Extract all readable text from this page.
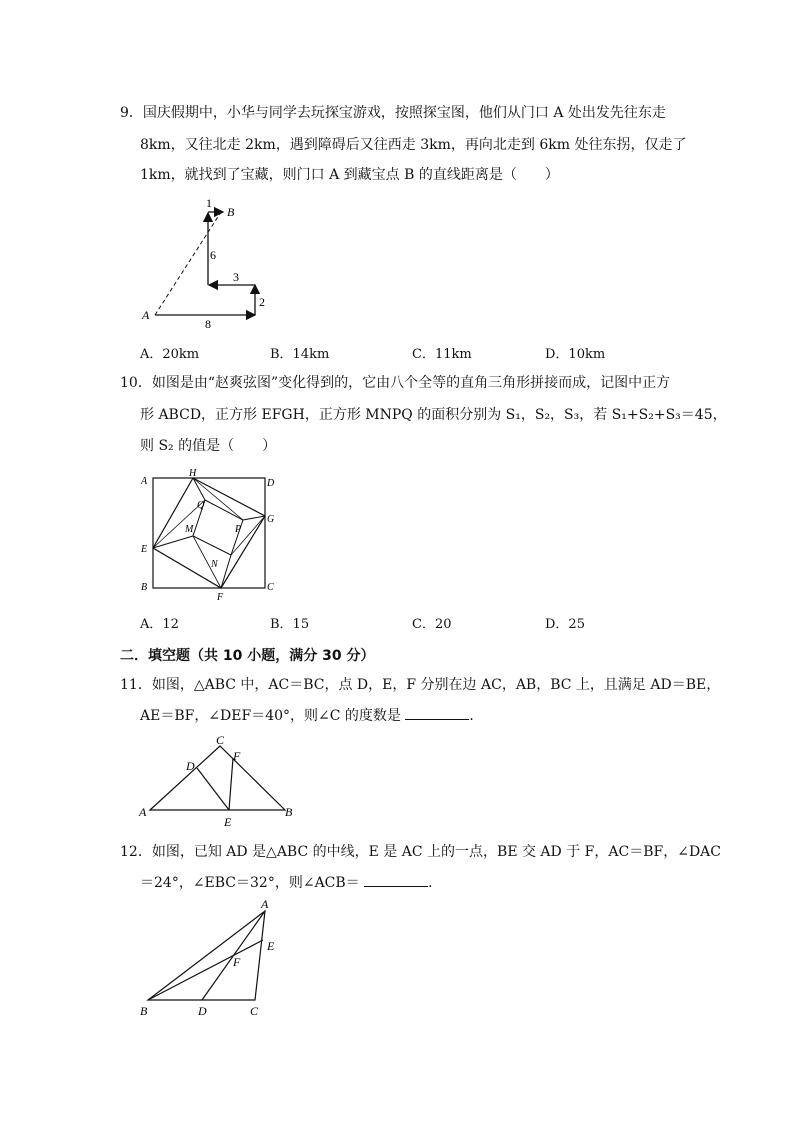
9．国庆假期中，小华与同学去玩探宝游戏，按照探宝图，他们从门口 A 处出发先往东走
8km，又往北走 2km，遇到障碍后又往西走 3km，再向北走到 6km 处往东拐，仅走了
1km，就找到了宝藏，则门口 A 到藏宝点 B 的直线距离是（　　）
A
B
8
2
3
6
1
A．20km	B．14km	C．11km	D．10km
10．如图是由“赵爽弦图”变化得到的，它由八个全等的直角三角形拼接而成，记图中正方
形 ABCD，正方形 EFGH，正方形 MNPQ 的面积分别为 S₁，S₂，S₃，若 S₁+S₂+S₃＝45，
则 S₂ 的值是（　　）
A	D
B	C
H
G
F
E
Q
P
M
N
A．12	B．15	C．20	D．25
二．填空题（共 10 小题，满分 30 分）
11．如图，△ABC 中，AC＝BC，点 D，E，F 分别在边 AC，AB，BC 上，且满足 AD＝BE，
AE＝BF，∠DEF＝40°，则∠C 的度数是	．
A	B
C
D
E
F
12．如图，已知 AD 是△ABC 的中线，E 是 AC 上的一点，BE 交 AD 于 F，AC＝BF，∠DAC
＝24°，∠EBC＝32°，则∠ACB＝	．
A
B	D	C
E
F
